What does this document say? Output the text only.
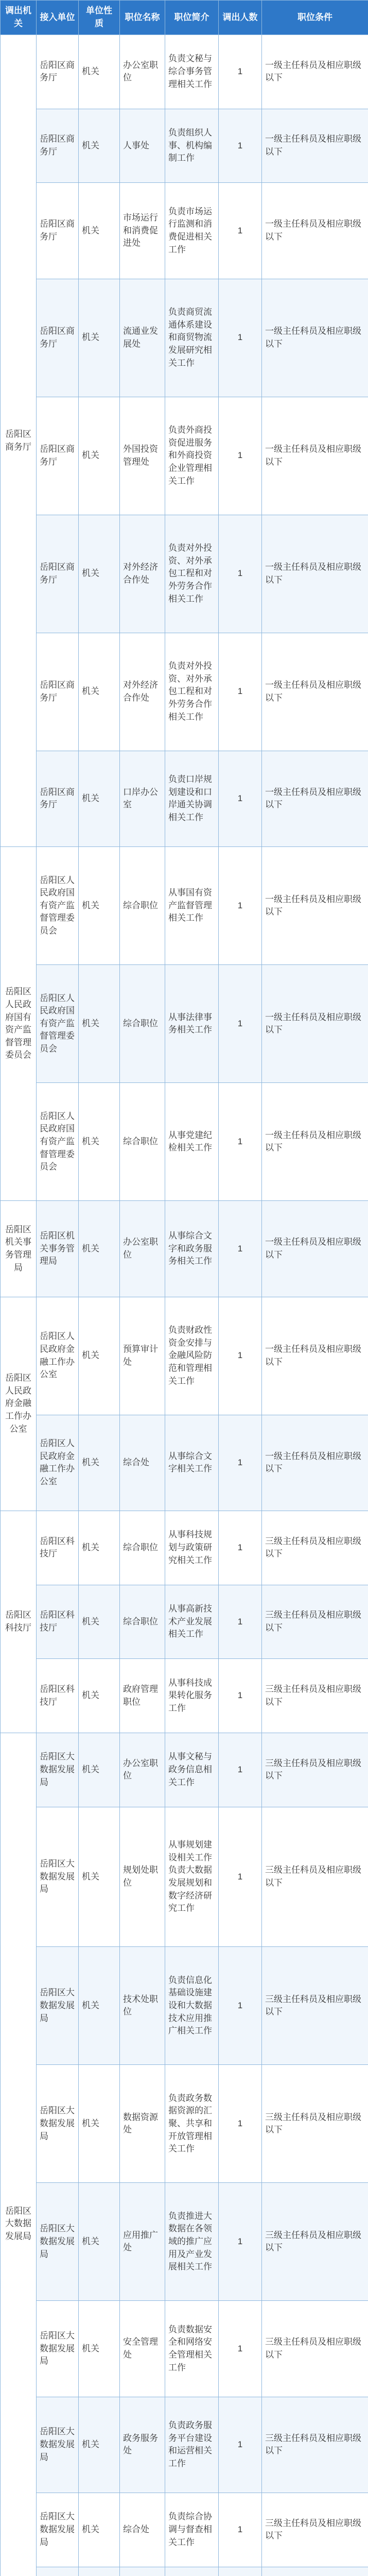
调出机关	接入单位	单位性质	职位名称	职位简介	调出人数	职位条件
岳阳区商务厅	岳阳区商务厅	机关	办公室职位	负责文秘与综合事务管理相关工作	1	一级主任科员及相应职级以下
	岳阳区商务厅	机关	人事处	负责组织人事、机构编制工作	1	一级主任科员及相应职级以下
	岳阳区商务厅	机关	市场运行和消费促进处	负责市场运行监测和消费促进相关工作	1	一级主任科员及相应职级以下
	岳阳区商务厅	机关	流通业发展处	负责商贸流通体系建设和商贸物流发展研究相关工作	1	一级主任科员及相应职级以下
	岳阳区商务厅	机关	外国投资管理处	负责外商投资促进服务和外商投资企业管理相关工作	1	一级主任科员及相应职级以下
	岳阳区商务厅	机关	对外经济合作处	负责对外投资、对外承包工程和对外劳务合作相关工作	1	一级主任科员及相应职级以下
	岳阳区商务厅	机关	对外经济合作处	负责对外投资、对外承包工程和对外劳务合作相关工作	1	一级主任科员及相应职级以下
	岳阳区商务厅	机关	口岸办公室	负责口岸规划建设和口岸通关协调相关工作	1	一级主任科员及相应职级以下
岳阳区人民政府国有资产监督管理委员会	岳阳区人民政府国有资产监督管理委员会	机关	综合职位	从事国有资产监督管理相关工作	1	一级主任科员及相应职级以下
	岳阳区人民政府国有资产监督管理委员会	机关	综合职位	从事法律事务相关工作	1	一级主任科员及相应职级以下
	岳阳区人民政府国有资产监督管理委员会	机关	综合职位	从事党建纪检相关工作	1	一级主任科员及相应职级以下
岳阳区机关事务管理局	岳阳区机关事务管理局	机关	办公室职位	从事综合文字和政务服务相关工作	1	一级主任科员及相应职级以下
岳阳区人民政府金融工作办公室	岳阳区人民政府金融工作办公室	机关	预算审计处	负责财政性资金安排与金融风险防范和管理相关工作	1	一级主任科员及相应职级以下
	岳阳区人民政府金融工作办公室	机关	综合处	从事综合文字相关工作	1	一级主任科员及相应职级以下
岳阳区科技厅	岳阳区科技厅	机关	综合职位	从事科技规划与政策研究相关工作	1	三级主任科员及相应职级以下
	岳阳区科技厅	机关	综合职位	从事高新技术产业发展相关工作	1	三级主任科员及相应职级以下
	岳阳区科技厅	机关	政府管理职位	从事科技成果转化服务工作	1	三级主任科员及相应职级以下
岳阳区大数据发展局	岳阳区大数据发展局	机关	办公室职位	从事文秘与政务信息相关工作	1	三级主任科员及相应职级以下
	岳阳区大数据发展局	机关	规划处职位	从事规划建设相关工作负责大数据发展规划和数字经济研究工作	1	三级主任科员及相应职级以下
	岳阳区大数据发展局	机关	技术处职位	负责信息化基础设施建设和大数据技术应用推广相关工作	1	三级主任科员及相应职级以下
	岳阳区大数据发展局	机关	数据资源处	负责政务数据资源的汇聚、共享和开放管理相关工作	1	三级主任科员及相应职级以下
	岳阳区大数据发展局	机关	应用推广处	负责推进大数据在各领域的推广应用及产业发展相关工作	1	三级主任科员及相应职级以下
	岳阳区大数据发展局	机关	安全管理处	负责数据安全和网络安全管理相关工作	1	三级主任科员及相应职级以下
	岳阳区大数据发展局	机关	政务服务处	负责政务服务平台建设和运营相关工作	1	三级主任科员及相应职级以下
	岳阳区大数据发展局	机关	综合处	负责综合协调与督查相关工作	1	三级主任科员及相应职级以下
